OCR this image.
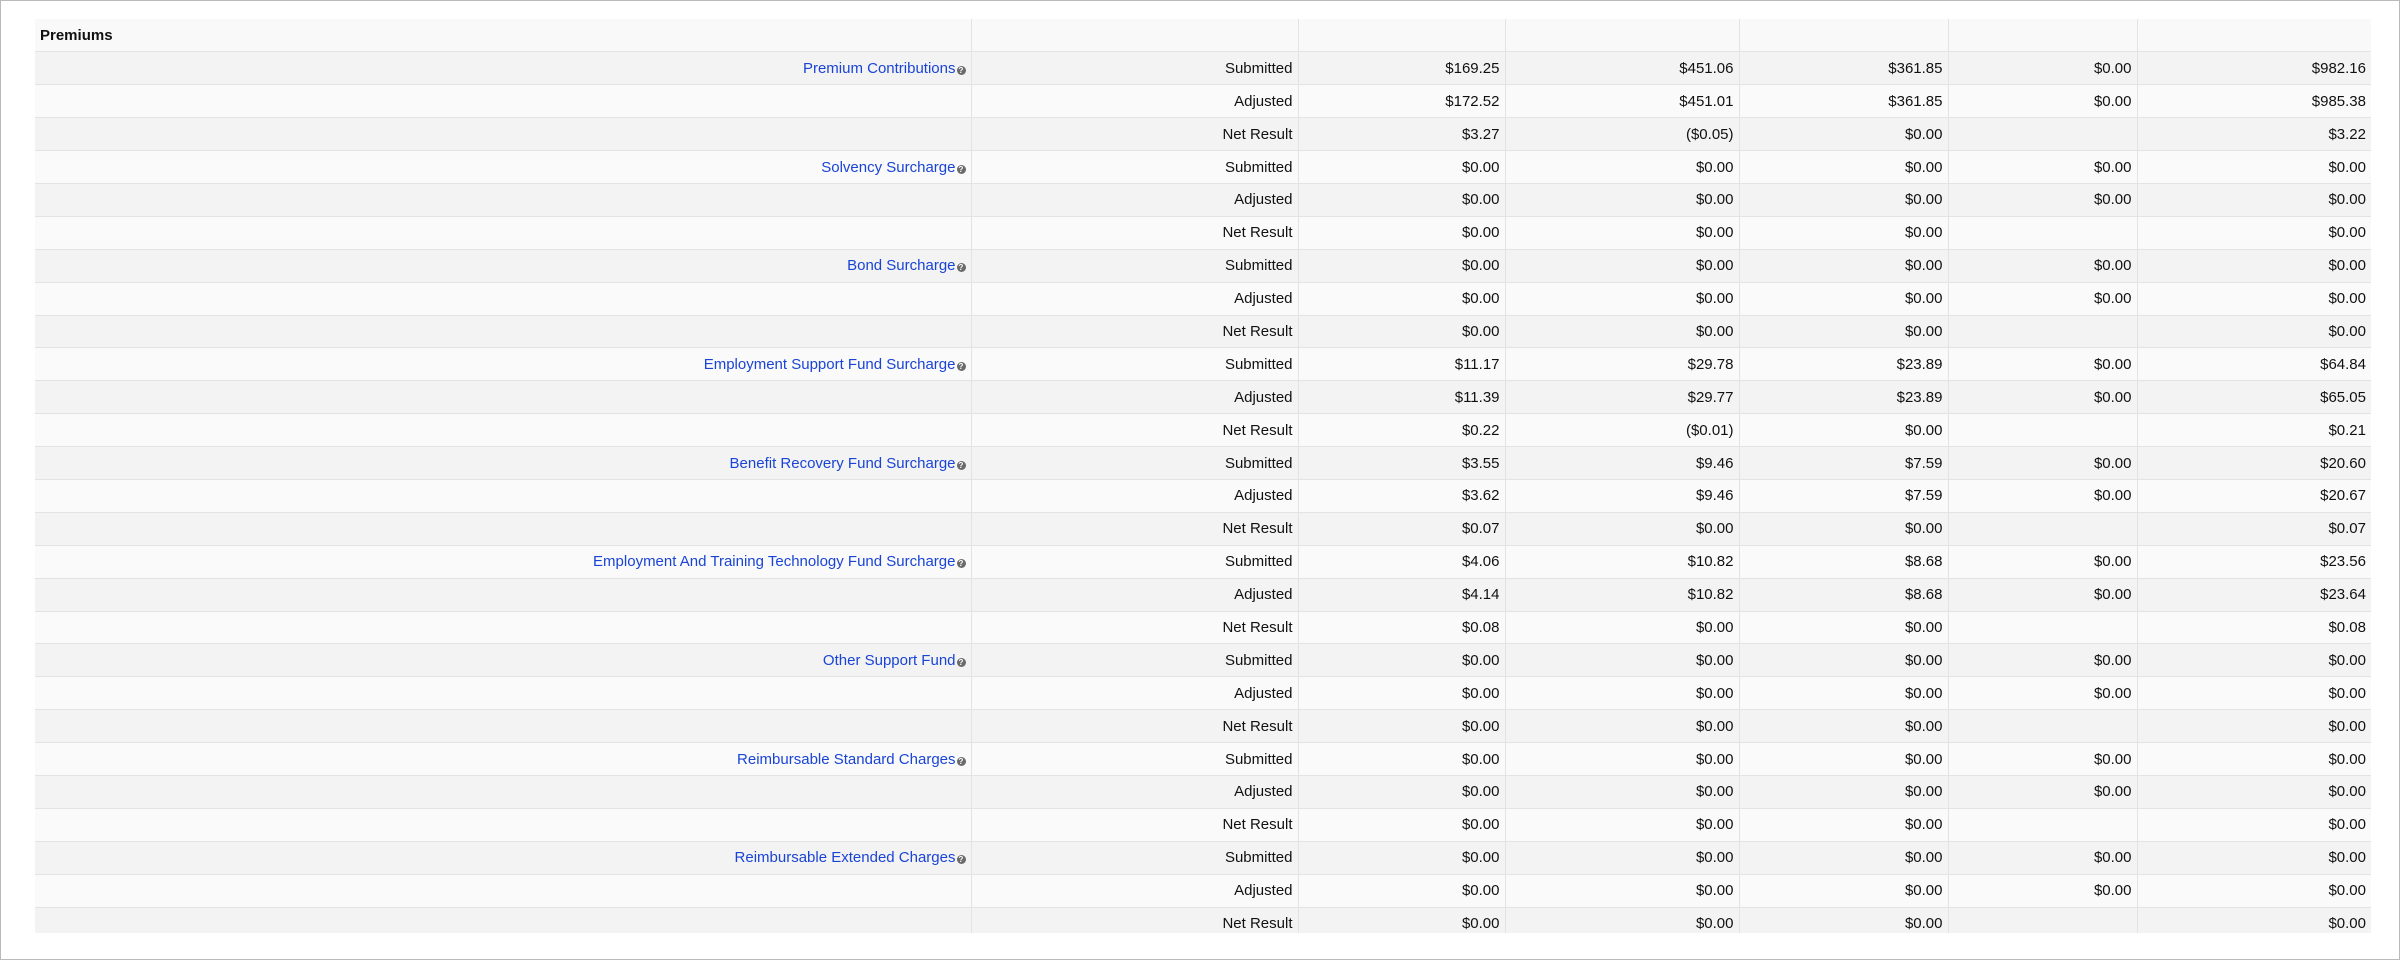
Premiums						
Premium Contributions ?	Submitted	$169.25	$451.06	$361.85	$0.00	$982.16
	Adjusted	$172.52	$451.01	$361.85	$0.00	$985.38
	Net Result	$3.27	($0.05)	$0.00		$3.22
Solvency Surcharge ?	Submitted	$0.00	$0.00	$0.00	$0.00	$0.00
	Adjusted	$0.00	$0.00	$0.00	$0.00	$0.00
	Net Result	$0.00	$0.00	$0.00		$0.00
Bond Surcharge ?	Submitted	$0.00	$0.00	$0.00	$0.00	$0.00
	Adjusted	$0.00	$0.00	$0.00	$0.00	$0.00
	Net Result	$0.00	$0.00	$0.00		$0.00
Employment Support Fund Surcharge ?	Submitted	$11.17	$29.78	$23.89	$0.00	$64.84
	Adjusted	$11.39	$29.77	$23.89	$0.00	$65.05
	Net Result	$0.22	($0.01)	$0.00		$0.21
Benefit Recovery Fund Surcharge ?	Submitted	$3.55	$9.46	$7.59	$0.00	$20.60
	Adjusted	$3.62	$9.46	$7.59	$0.00	$20.67
	Net Result	$0.07	$0.00	$0.00		$0.07
Employment And Training Technology Fund Surcharge ?	Submitted	$4.06	$10.82	$8.68	$0.00	$23.56
	Adjusted	$4.14	$10.82	$8.68	$0.00	$23.64
	Net Result	$0.08	$0.00	$0.00		$0.08
Other Support Fund ?	Submitted	$0.00	$0.00	$0.00	$0.00	$0.00
	Adjusted	$0.00	$0.00	$0.00	$0.00	$0.00
	Net Result	$0.00	$0.00	$0.00		$0.00
Reimbursable Standard Charges ?	Submitted	$0.00	$0.00	$0.00	$0.00	$0.00
	Adjusted	$0.00	$0.00	$0.00	$0.00	$0.00
	Net Result	$0.00	$0.00	$0.00		$0.00
Reimbursable Extended Charges ?	Submitted	$0.00	$0.00	$0.00	$0.00	$0.00
	Adjusted	$0.00	$0.00	$0.00	$0.00	$0.00
	Net Result	$0.00	$0.00	$0.00		$0.00
